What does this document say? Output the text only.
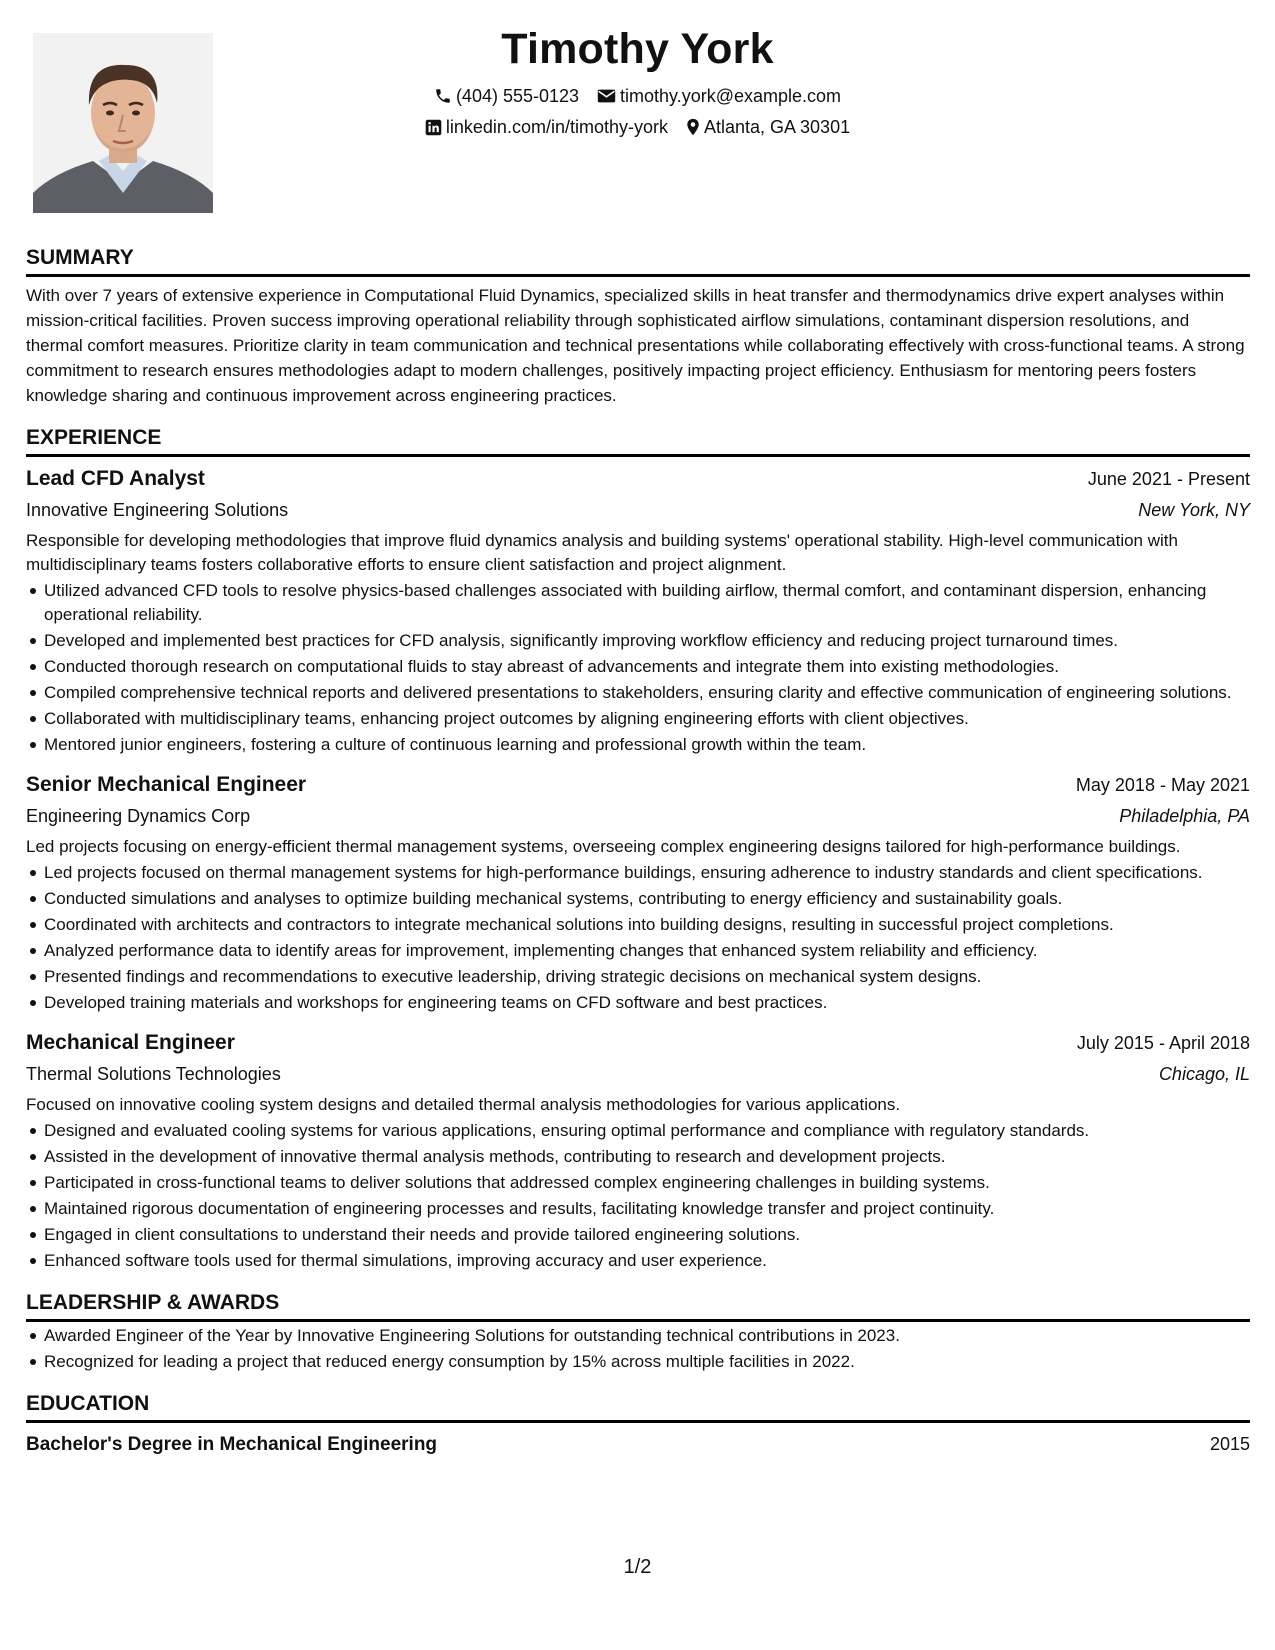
Timothy York
(404) 555-0123 timothy.york@example.com
linkedin.com/in/timothy-york Atlanta, GA 30301
SUMMARY

With over 7 years of extensive experience in Computational Fluid Dynamics, specialized skills in heat transfer and thermodynamics drive expert analyses within mission-critical facilities. Proven success improving operational reliability through sophisticated airflow simulations, contaminant dispersion resolutions, and thermal comfort measures. Prioritize clarity in team communication and technical presentations while collaborating effectively with cross-functional teams. A strong commitment to research ensures methodologies adapt to modern challenges, positively impacting project efficiency. Enthusiasm for mentoring peers fosters knowledge sharing and continuous improvement across engineering practices.

EXPERIENCE
Lead CFD Analyst	June 2021 - Present
Innovative Engineering Solutions	New York, NY
Responsible for developing methodologies that improve fluid dynamics analysis and building systems' operational stability. High-level communication with multidisciplinary teams fosters collaborative efforts to ensure client satisfaction and project alignment.
Utilized advanced CFD tools to resolve physics-based challenges associated with building airflow, thermal comfort, and contaminant dispersion, enhancing operational reliability.
Developed and implemented best practices for CFD analysis, significantly improving workflow efficiency and reducing project turnaround times.
Conducted thorough research on computational fluids to stay abreast of advancements and integrate them into existing methodologies.
Compiled comprehensive technical reports and delivered presentations to stakeholders, ensuring clarity and effective communication of engineering solutions.
Collaborated with multidisciplinary teams, enhancing project outcomes by aligning engineering efforts with client objectives.
Mentored junior engineers, fostering a culture of continuous learning and professional growth within the team.
Senior Mechanical Engineer	May 2018 - May 2021
Engineering Dynamics Corp	Philadelphia, PA
Led projects focusing on energy-efficient thermal management systems, overseeing complex engineering designs tailored for high-performance buildings.
Led projects focused on thermal management systems for high-performance buildings, ensuring adherence to industry standards and client specifications.
Conducted simulations and analyses to optimize building mechanical systems, contributing to energy efficiency and sustainability goals.
Coordinated with architects and contractors to integrate mechanical solutions into building designs, resulting in successful project completions.
Analyzed performance data to identify areas for improvement, implementing changes that enhanced system reliability and efficiency.
Presented findings and recommendations to executive leadership, driving strategic decisions on mechanical system designs.
Developed training materials and workshops for engineering teams on CFD software and best practices.
Mechanical Engineer	July 2015 - April 2018
Thermal Solutions Technologies	Chicago, IL
Focused on innovative cooling system designs and detailed thermal analysis methodologies for various applications.
Designed and evaluated cooling systems for various applications, ensuring optimal performance and compliance with regulatory standards.
Assisted in the development of innovative thermal analysis methods, contributing to research and development projects.
Participated in cross-functional teams to deliver solutions that addressed complex engineering challenges in building systems.
Maintained rigorous documentation of engineering processes and results, facilitating knowledge transfer and project continuity.
Engaged in client consultations to understand their needs and provide tailored engineering solutions.
Enhanced software tools used for thermal simulations, improving accuracy and user experience.
LEADERSHIP & AWARDS
Awarded Engineer of the Year by Innovative Engineering Solutions for outstanding technical contributions in 2023.
Recognized for leading a project that reduced energy consumption by 15% across multiple facilities in 2022.
EDUCATION
Bachelor's Degree in Mechanical Engineering	2015
1/2
